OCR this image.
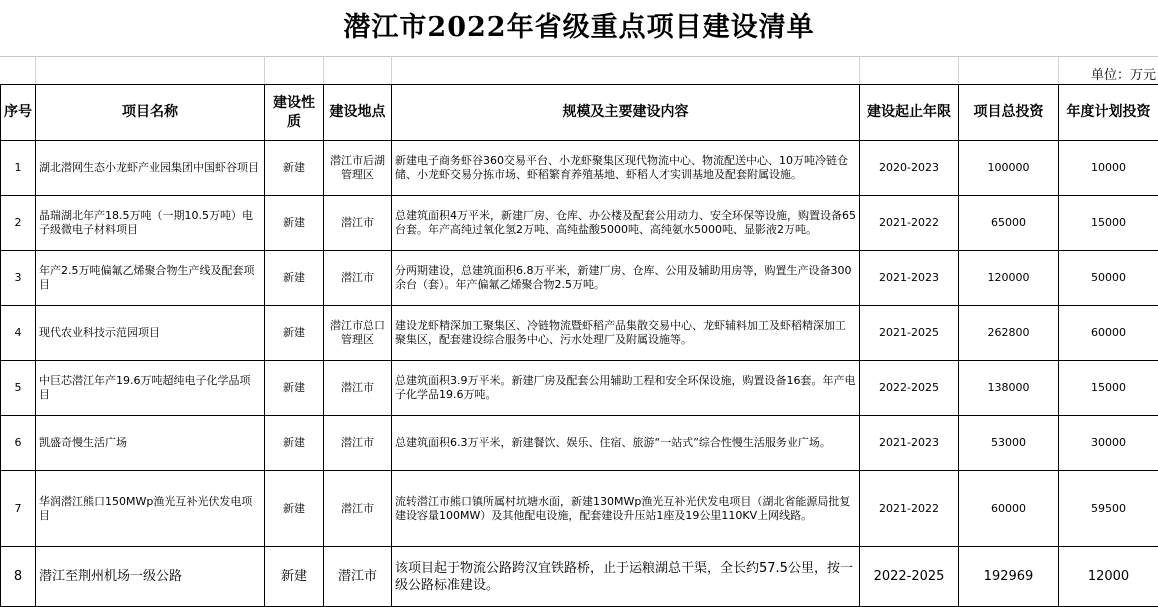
潜江市2022年省级重点项目建设清单
单位：万元
序号	项目名称	建设性质	建设地点	规模及主要建设内容	建设起止年限	项目总投资	年度计划投资
1	湖北潜网生态小龙虾产业园集团中国虾谷项目	新建	潜江市后湖管理区	新建电子商务虾谷360交易平台、小龙虾聚集区现代物流中心、物流配送中心、10万吨冷链仓储、小龙虾交易分拣市场、虾稻繁育养殖基地、虾稻人才实训基地及配套附属设施。	2020-2023	100000	10000
2	晶瑞湖北年产18.5万吨（一期10.5万吨）电子级微电子材料项目	新建	潜江市	总建筑面积4万平米，新建厂房、仓库、办公楼及配套公用动力、安全环保等设施，购置设备65台套。年产高纯过氧化氢2万吨、高纯盐酸5000吨、高纯氨水5000吨、显影液2万吨。	2021-2022	65000	15000
3	年产2.5万吨偏氟乙烯聚合物生产线及配套项目	新建	潜江市	分两期建设，总建筑面积6.8万平米，新建厂房、仓库、公用及辅助用房等，购置生产设备300余台（套）。年产偏氟乙烯聚合物2.5万吨。	2021-2023	120000	50000
4	现代农业科技示范园项目	新建	潜江市总口管理区	建设龙虾精深加工聚集区、冷链物流暨虾稻产品集散交易中心、龙虾辅料加工及虾稻精深加工聚集区，配套建设综合服务中心、污水处理厂及附属设施等。	2021-2025	262800	60000
5	中巨芯潜江年产19.6万吨超纯电子化学品项目	新建	潜江市	总建筑面积3.9万平米。新建厂房及配套公用辅助工程和安全环保设施，购置设备16套。年产电子化学品19.6万吨。	2022-2025	138000	15000
6	凯盛奇慢生活广场	新建	潜江市	总建筑面积6.3万平米，新建餐饮、娱乐、住宿、旅游“一站式”综合性慢生活服务业广场。	2021-2023	53000	30000
7	华润潜江熊口150MWp渔光互补光伏发电项目	新建	潜江市	流转潜江市熊口镇所属村坑塘水面，新建130MWp渔光互补光伏发电项目（湖北省能源局批复建设容量100MW）及其他配电设施，配套建设升压站1座及19公里110KV上网线路。	2021-2022	60000	59500
8	潜江至荆州机场一级公路	新建	潜江市	该项目起于物流公路跨汉宜铁路桥，止于运粮湖总干渠，全长约57.5公里，按一级公路标准建设。	2022-2025	192969	12000
